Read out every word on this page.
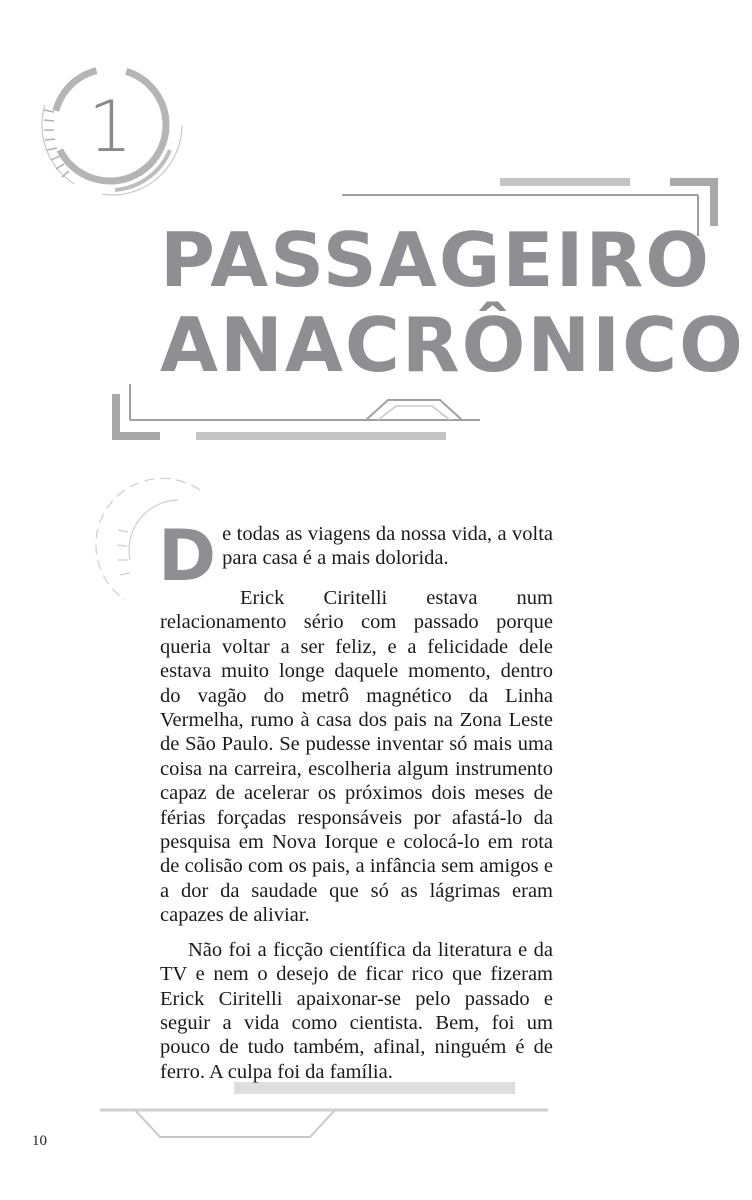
1
PASSAGEIRO
ANACRÔNICO

De todas as viagens da nossa vida, a volta para casa é a mais dolorida.

Erick Ciritelli estava num relacionamento sério com passado porque queria voltar a ser feliz, e a felicidade dele estava muito longe daquele momento, dentro do vagão do metrô magnético da Linha Vermelha, rumo à casa dos pais na Zona Leste de São Paulo. Se pudesse inventar só mais uma coisa na carreira, escolheria algum instrumento capaz de acelerar os próximos dois meses de férias forçadas responsáveis por afastá-lo da pesquisa em Nova Iorque e colocá-lo em rota de colisão com os pais, a infância sem amigos e a dor da saudade que só as lágrimas eram capazes de aliviar.

Não foi a ficção científica da literatura e da TV e nem o desejo de ficar rico que fizeram Erick Ciritelli apaixonar-se pelo passado e seguir a vida como cientista. Bem, foi um pouco de tudo também, afinal, ninguém é de ferro. A culpa foi da família.

10
